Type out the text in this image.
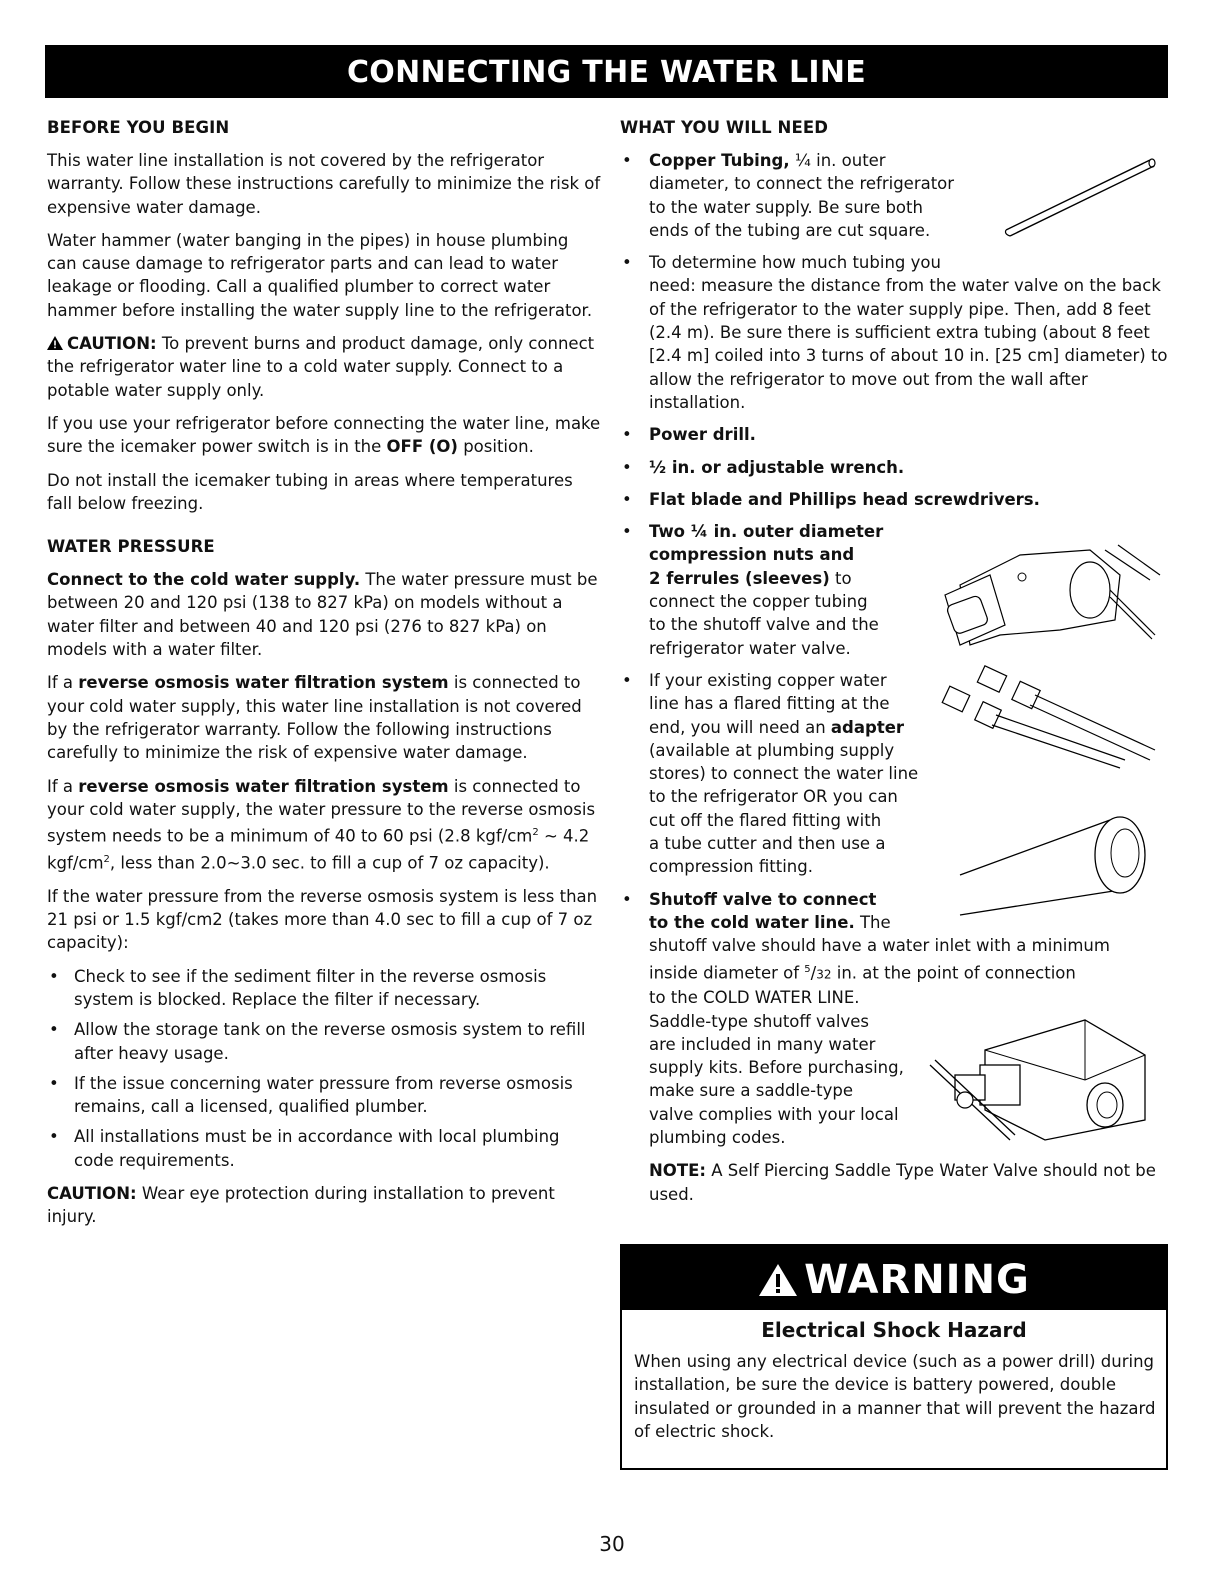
CONNECTING THE WATER LINE
BEFORE YOU BEGIN

This water line installation is not covered by the refrigerator warranty. Follow these instructions carefully to minimize the risk of expensive water damage.

Water hammer (water banging in the pipes) in house plumbing can cause damage to refrigerator parts and can lead to water leakage or flooding. Call a qualified plumber to correct water hammer before installing the water supply line to the refrigerator.

CAUTION: To prevent burns and product damage, only connect the refrigerator water line to a cold water supply. Connect to a potable water supply only.

If you use your refrigerator before connecting the water line, make sure the icemaker power switch is in the OFF (O) position.

Do not install the icemaker tubing in areas where temperatures fall below freezing.

WATER PRESSURE

Connect to the cold water supply. The water pressure must be between 20 and 120 psi (138 to 827 kPa) on models without a water filter and between 40 and 120 psi (276 to 827 kPa) on models with a water filter.

If a reverse osmosis water filtration system is connected to your cold water supply, this water line installation is not covered by the refrigerator warranty. Follow the following instructions carefully to minimize the risk of expensive water damage.

If a reverse osmosis water filtration system is connected to your cold water supply, the water pressure to the reverse osmosis system needs to be a minimum of 40 to 60 psi (2.8 kgf/$cm^2$ ~ 4.2 kgf/$cm^2$, less than 2.0~3.0 sec. to fill a cup of 7 oz capacity).

If the water pressure from the reverse osmosis system is less than 21 psi or 1.5 kgf/cm2 (takes more than 4.0 sec to fill a cup of 7 oz capacity):

• Check to see if the sediment filter in the reverse osmosis system is blocked. Replace the filter if necessary.
• Allow the storage tank on the reverse osmosis system to refill after heavy usage.
• If the issue concerning water pressure from reverse osmosis remains, call a licensed, qualified plumber.
• All installations must be in accordance with local plumbing code requirements.

CAUTION: Wear eye protection during installation to prevent injury.

WHAT YOU WILL NEED
• Copper Tubing, ¼ in. outer
diameter, to connect the refrigerator
to the water supply. Be sure both
ends of the tubing are cut square.
• To determine how much tubing you
need: measure the distance from the water valve on the back of the refrigerator to the water supply pipe. Then, add 8 feet (2.4 m). Be sure there is sufficient extra tubing (about 8 feet [2.4 m] coiled into 3 turns of about 10 in. [25 cm] diameter) to allow the refrigerator to move out from the wall after installation.
• Power drill.
• ½ in. or adjustable wrench.
• Flat blade and Phillips head screwdrivers.
• Two ¼ in. outer diameter
compression nuts and
2 ferrules (sleeves) to
connect the copper tubing
to the shutoff valve and the
refrigerator water valve.
• If your existing copper water
line has a flared fitting at the
end, you will need an adapter
(available at plumbing supply
stores) to connect the water line
to the refrigerator OR you can
cut off the flared fitting with
a tube cutter and then use a
compression fitting.
• Shutoff valve to connect
to the cold water line. The
shutoff valve should have a water inlet with a minimum
inside diameter of $^5$/32 in. at the point of connection
to the COLD WATER LINE.
Saddle-type shutoff valves
are included in many water
supply kits. Before purchasing,
make sure a saddle-type
valve complies with your local
plumbing codes.

NOTE: A Self Piercing Saddle Type Water Valve should not be used.

WARNING
Electrical Shock Hazard
When using any electrical device (such as a power drill) during installation, be sure the device is battery powered, double insulated or grounded in a manner that will prevent the hazard of electric shock.
30
